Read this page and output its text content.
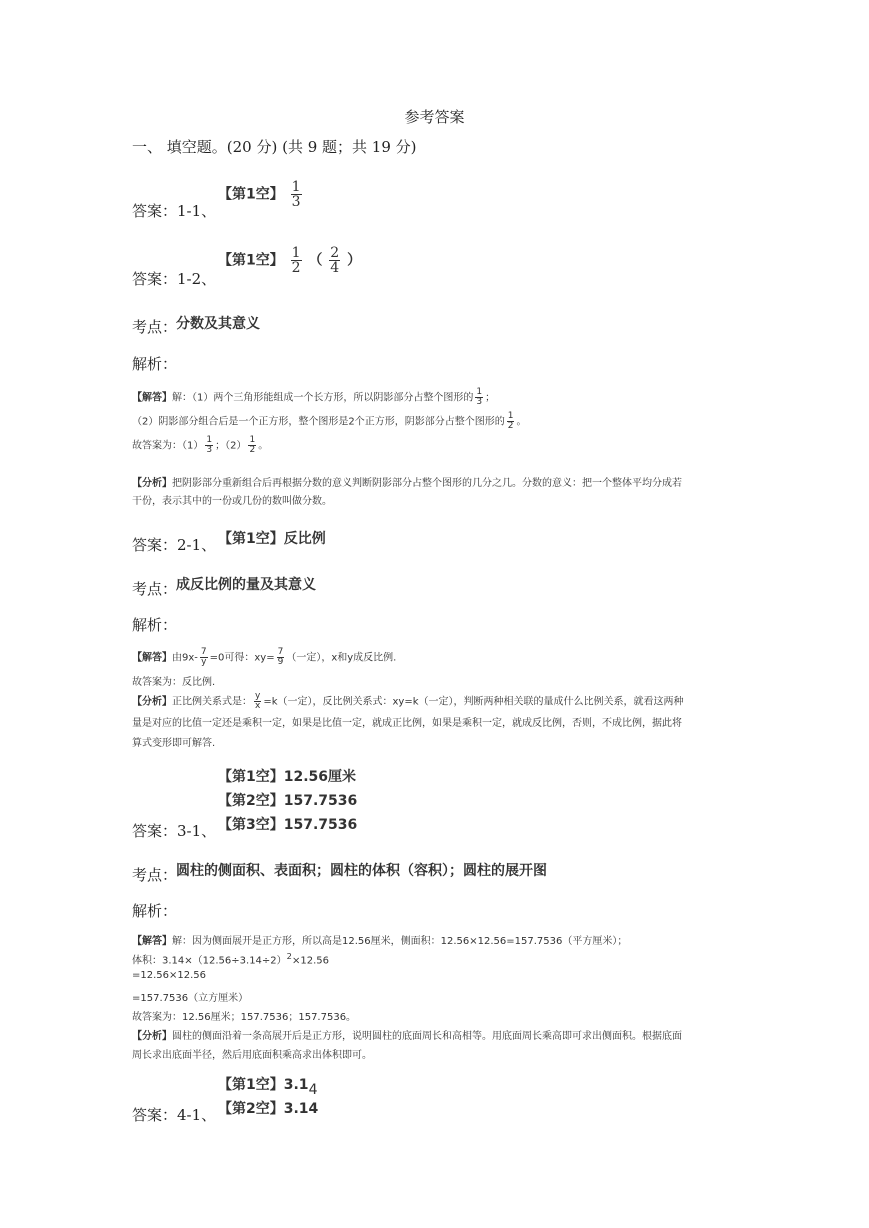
参考答案
一、 填空题。(20 分) (共 9 题；共 19 分)
【第1空】 $\frac{1}{3}$
答案：1-1、
【第1空】 $\frac{1}{2}$ （ $\frac{2}{4}$ ）
答案：1-2、
考点：
分数及其意义
解析：
【解答】解：（1）两个三角形能组成一个长方形，所以阴影部分占整个图形的 $\frac{1}{3}$ ；
（2）阴影部分组合后是一个正方形，整个图形是2个正方形，阴影部分占整个图形的 $\frac{1}{2}$ 。
故答案为：$(1) \frac{1}{3}$ ；$(2) \frac{1}{2}$ 。
【分析】把阴影部分重新组合后再根据分数的意义判断阴影部分占整个图形的几分之几。分数的意义：把一个整体平均分成若
干份，表示其中的一份或几份的数叫做分数。
答案：2-1、 【第1空】反比例
考点：
成反比例的量及其意义
解析：
【解答】由$9x- \frac{7}{y} =0$可得：$xy= \frac{7}{9}$ （一定），x和y成反比例.
故答案为：反比例.
【分析】正比例关系式是： $\frac{y}{x} =k$（一定），反比例关系式：xy=k（一定），判断两种相关联的量成什么比例关系，就看这两种
量是对应的比值一定还是乘积一定，如果是比值一定，就成正比例，如果是乘积一定，就成反比例，否则，不成比例，据此将
算式变形即可解答.
【第1空】12.56厘米
【第2空】157.7536
【第3空】157.7536
答案：3-1、
考点：
圆柱的侧面积、表面积；圆柱的体积（容积）；圆柱的展开图
解析：
【解答】解：因为侧面展开是正方形，所以高是12.56厘米，侧面积：12.56×12.56=157.7536（平方厘米）；
体积：$3.14\times(12.56\div 3.14\div 2)^2\times 12.56$
=12.56×12.56
=157.7536（立方厘米）
故答案为：12.56厘米；157.7536；157.7536。
【分析】圆柱的侧面沿着一条高展开后是正方形，说明圆柱的底面周长和高相等。用底面周长乘高即可求出侧面积。根据底面
周长求出底面半径，然后用底面积乘高求出体积即可。
【第1空】3.14
【第2空】3.14
答案：4-1、
